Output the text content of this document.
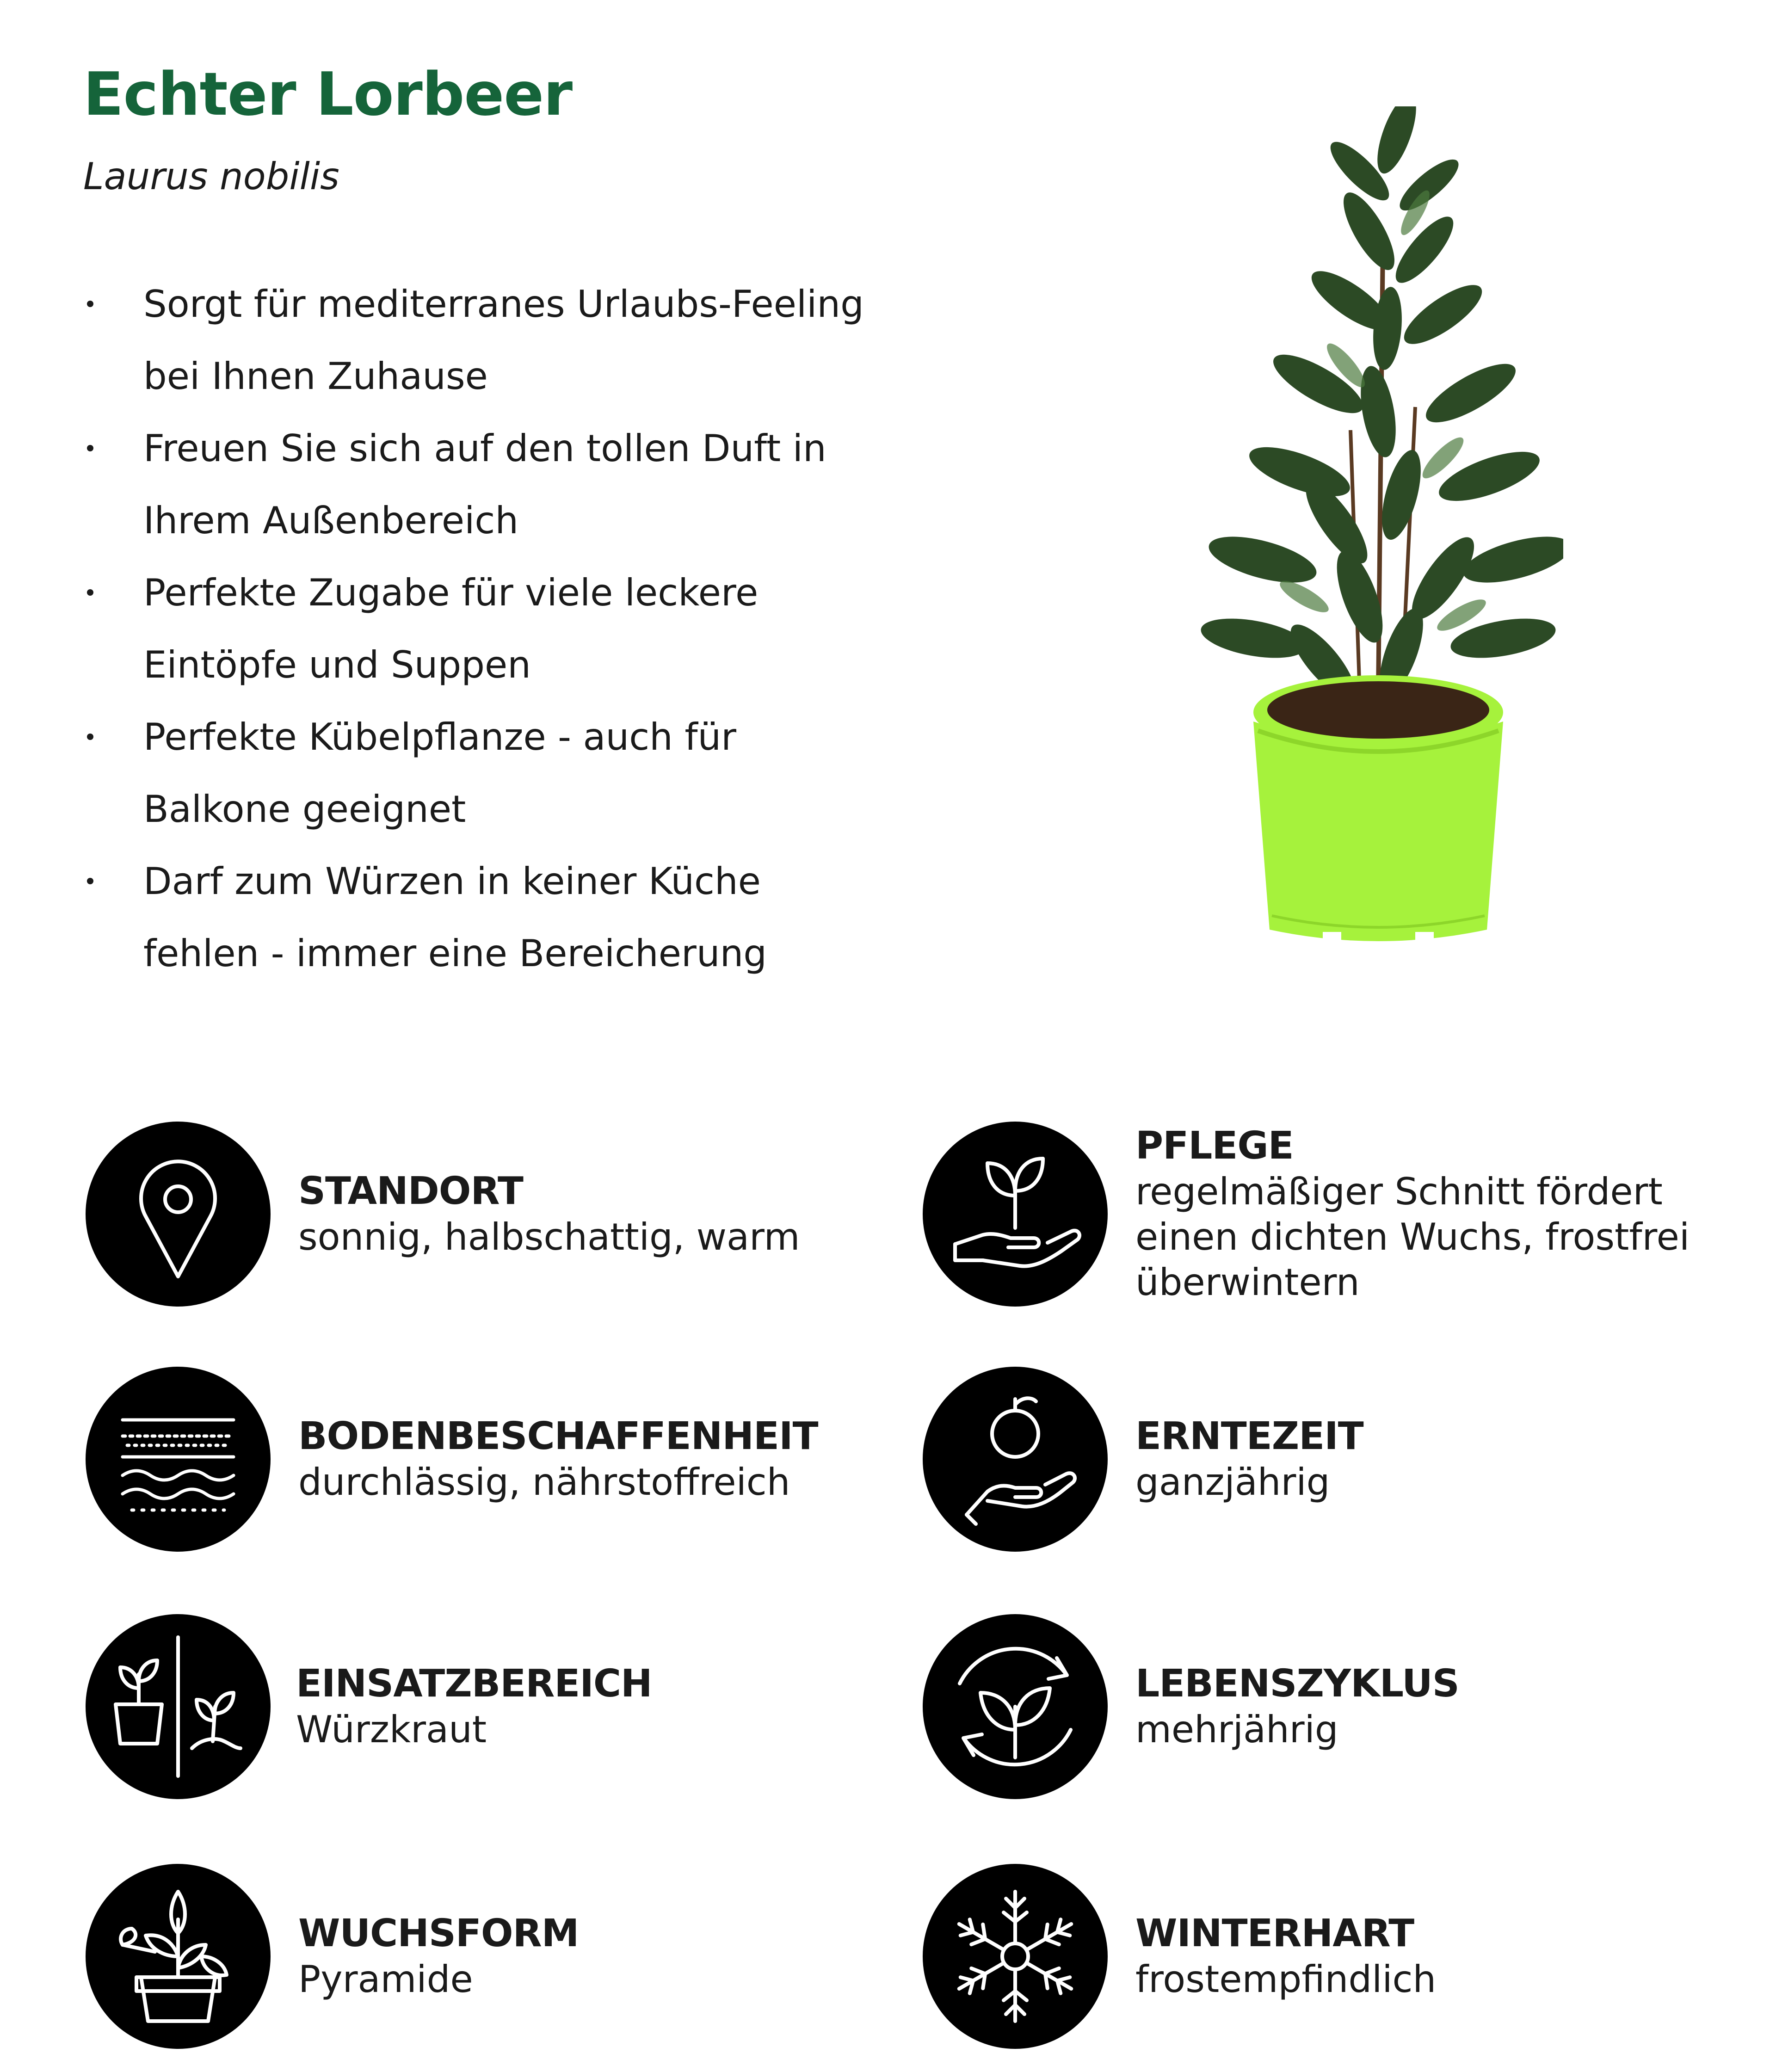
Echter Lorbeer
Laurus nobilis
Sorgt für mediterranes Urlaubs-Feeling bei Ihnen Zuhause
Freuen Sie sich auf den tollen Duft in Ihrem Außenbereich
Perfekte Zugabe für viele leckere Eintöpfe und Suppen
Perfekte Kübelpflanze - auch für Balkone geeignet
Darf zum Würzen in keiner Küche fehlen - immer eine Bereicherung
STANDORT
sonnig, halbschattig, warm
PFLEGE
regelmäßiger Schnitt fördert einen dichten Wuchs, frostfrei überwintern
BODENBESCHAFFENHEIT
durchlässig, nährstoffreich
ERNTEZEIT
ganzjährig
EINSATZBEREICH
Würzkraut
LEBENSZYKLUS
mehrjährig
WUCHSFORM
Pyramide
WINTERHART
frostempfindlich
